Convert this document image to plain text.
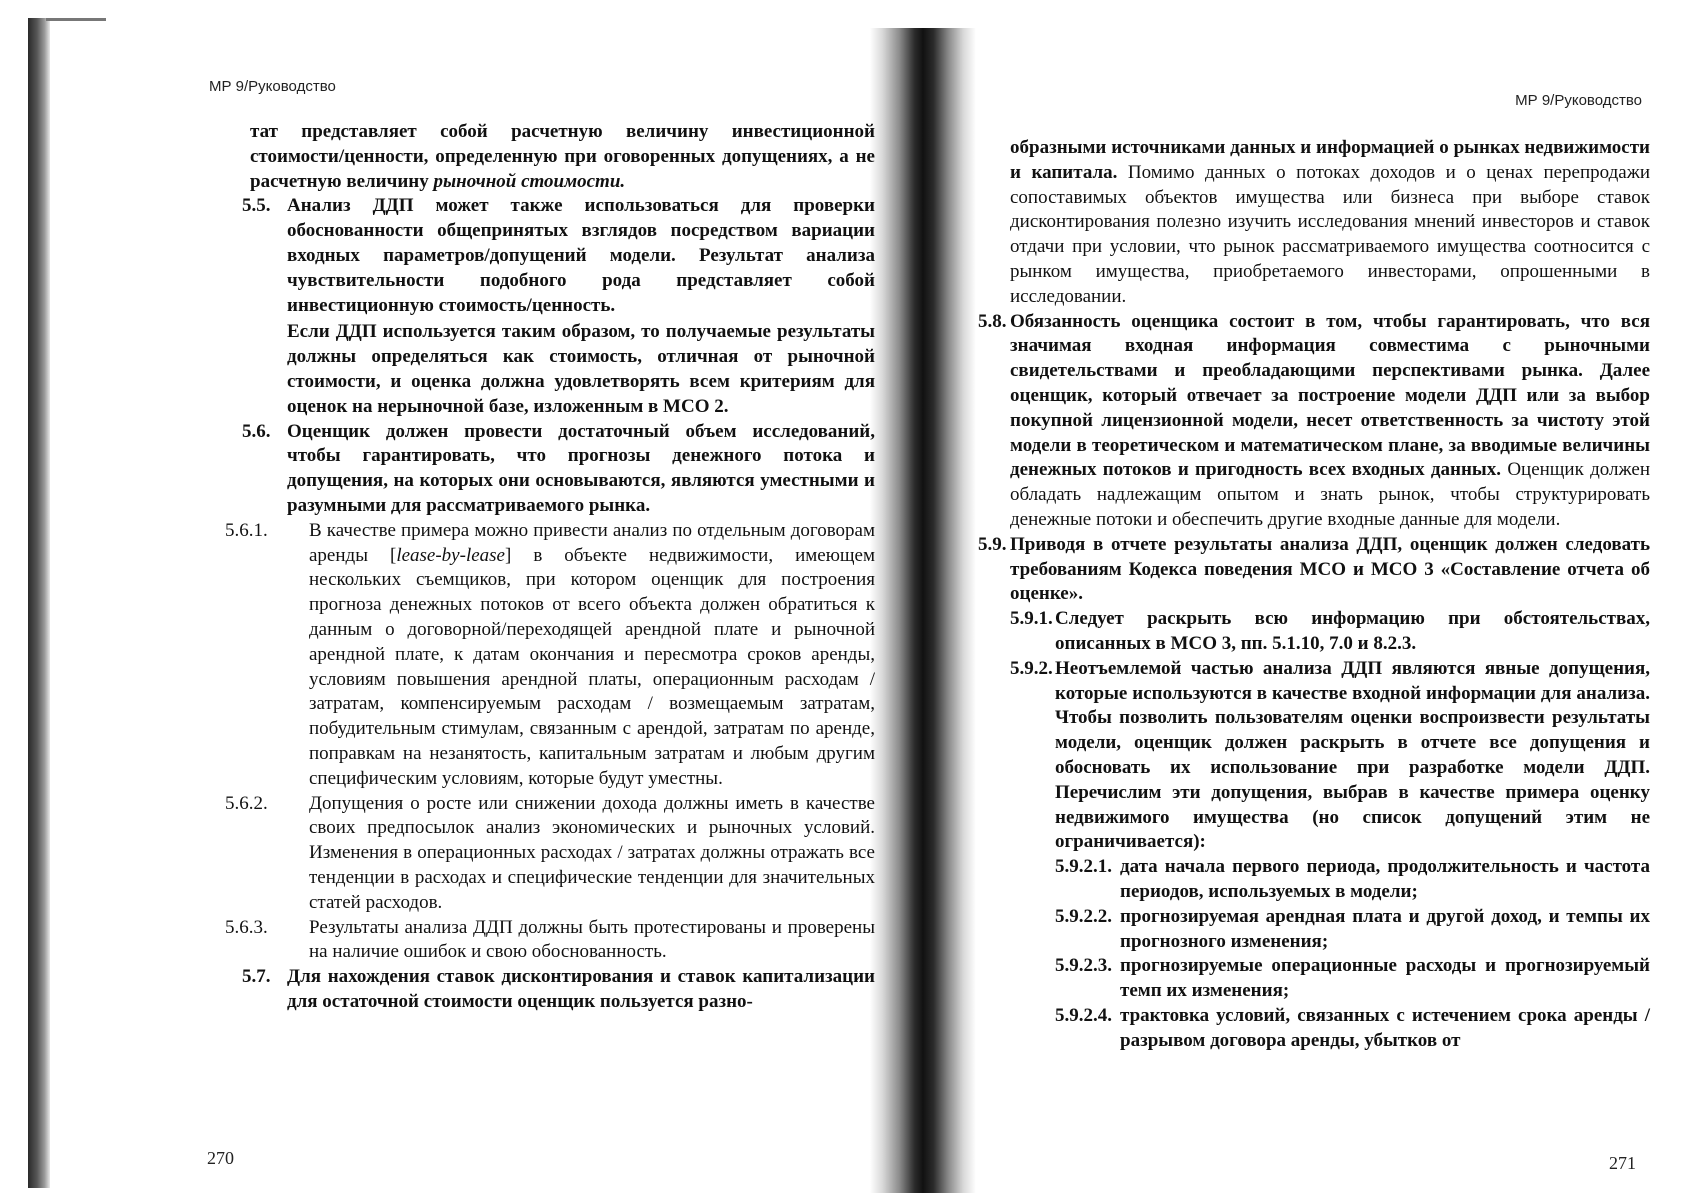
МР 9/Руководство

тат представляет собой расчетную величину инвестиционной стоимости/ценности, определенную при оговоренных допущениях, а не расчетную величину рыночной стоимости.

5.5. Анализ ДДП может также использоваться для проверки обоснованности общепринятых взглядов посредством вариации входных параметров/допущений модели. Результат анализа чувствительности подобного рода представляет собой инвестиционную стоимость/ценность.

Если ДДП используется таким образом, то получаемые результаты должны определяться как стоимость, отличная от рыночной стоимости, и оценка должна удовлетворять всем критериям для оценок на нерыночной базе, изложенным в МСО 2.

5.6. Оценщик должен провести достаточный объем исследований, чтобы гарантировать, что прогнозы денежного потока и допущения, на которых они основываются, являются уместными и разумными для рассматриваемого рынка.

5.6.1.	В качестве примера можно привести анализ по отдельным договорам аренды [lease-by-lease] в объекте недвижимости, имеющем нескольких съемщиков, при котором оценщик для построения прогноза денежных потоков от всего объекта должен обратиться к данным о договорной/переходящей арендной плате и рыночной арендной плате, к датам окончания и пересмотра сроков аренды, условиям повышения арендной платы, операционным расходам / затратам, компенсируемым расходам / возмещаемым затратам, побудительным стимулам, связанным с арендой, затратам по аренде, поправкам на незанятость, капитальным затратам и любым другим специфическим условиям, которые будут уместны.

5.6.2.	Допущения о росте или снижении дохода должны иметь в качестве своих предпосылок анализ экономических и рыночных условий. Изменения в операционных расходах / затратах должны отражать все тенденции в расходах и специфические тенденции для значительных статей расходов.

5.6.3.	Результаты анализа ДДП должны быть протестированы и проверены на наличие ошибок и свою обоснованность.

5.7. Для нахождения ставок дисконтирования и ставок капитализации для остаточной стоимости оценщик пользуется разно-

270
МР 9/Руководство

образными источниками данных и информацией о рынках недвижимости и капитала. Помимо данных о потоках доходов и о ценах перепродажи сопоставимых объектов имущества или бизнеса при выборе ставок дисконтирования полезно изучить исследования мнений инвесторов и ставок отдачи при условии, что рынок рассматриваемого имущества соотносится с рынком имущества, приобретаемого инвесторами, опрошенными в исследовании.

5.8. Обязанность оценщика состоит в том, чтобы гарантировать, что вся значимая входная информация совместима с рыночными свидетельствами и преобладающими перспективами рынка. Далее оценщик, который отвечает за построение модели ДДП или за выбор покупной лицензионной модели, несет ответственность за чистоту этой модели в теоретическом и математическом плане, за вводимые величины денежных потоков и пригодность всех входных данных. Оценщик должен обладать надлежащим опытом и знать рынок, чтобы структурировать денежные потоки и обеспечить другие входные данные для модели.

5.9. Приводя в отчете результаты анализа ДДП, оценщик должен следовать требованиям Кодекса поведения МСО и МСО 3 «Составление отчета об оценке».

5.9.1. Следует раскрыть всю информацию при обстоятельствах, описанных в МСО 3, пп. 5.1.10, 7.0 и 8.2.3.

5.9.2. Неотъемлемой частью анализа ДДП являются явные допущения, которые используются в качестве входной информации для анализа. Чтобы позволить пользователям оценки воспроизвести результаты модели, оценщик должен раскрыть в отчете все допущения и обосновать их использование при разработке модели ДДП. Перечислим эти допущения, выбрав в качестве примера оценку недвижимого имущества (но список допущений этим не ограничивается):

5.9.2.1. дата начала первого периода, продолжительность и частота периодов, используемых в модели;

5.9.2.2. прогнозируемая арендная плата и другой доход, и темпы их прогнозного изменения;

5.9.2.3. прогнозируемые операционные расходы и прогнозируемый темп их изменения;

5.9.2.4. трактовка условий, связанных с истечением срока аренды / разрывом договора аренды, убытков от

271
